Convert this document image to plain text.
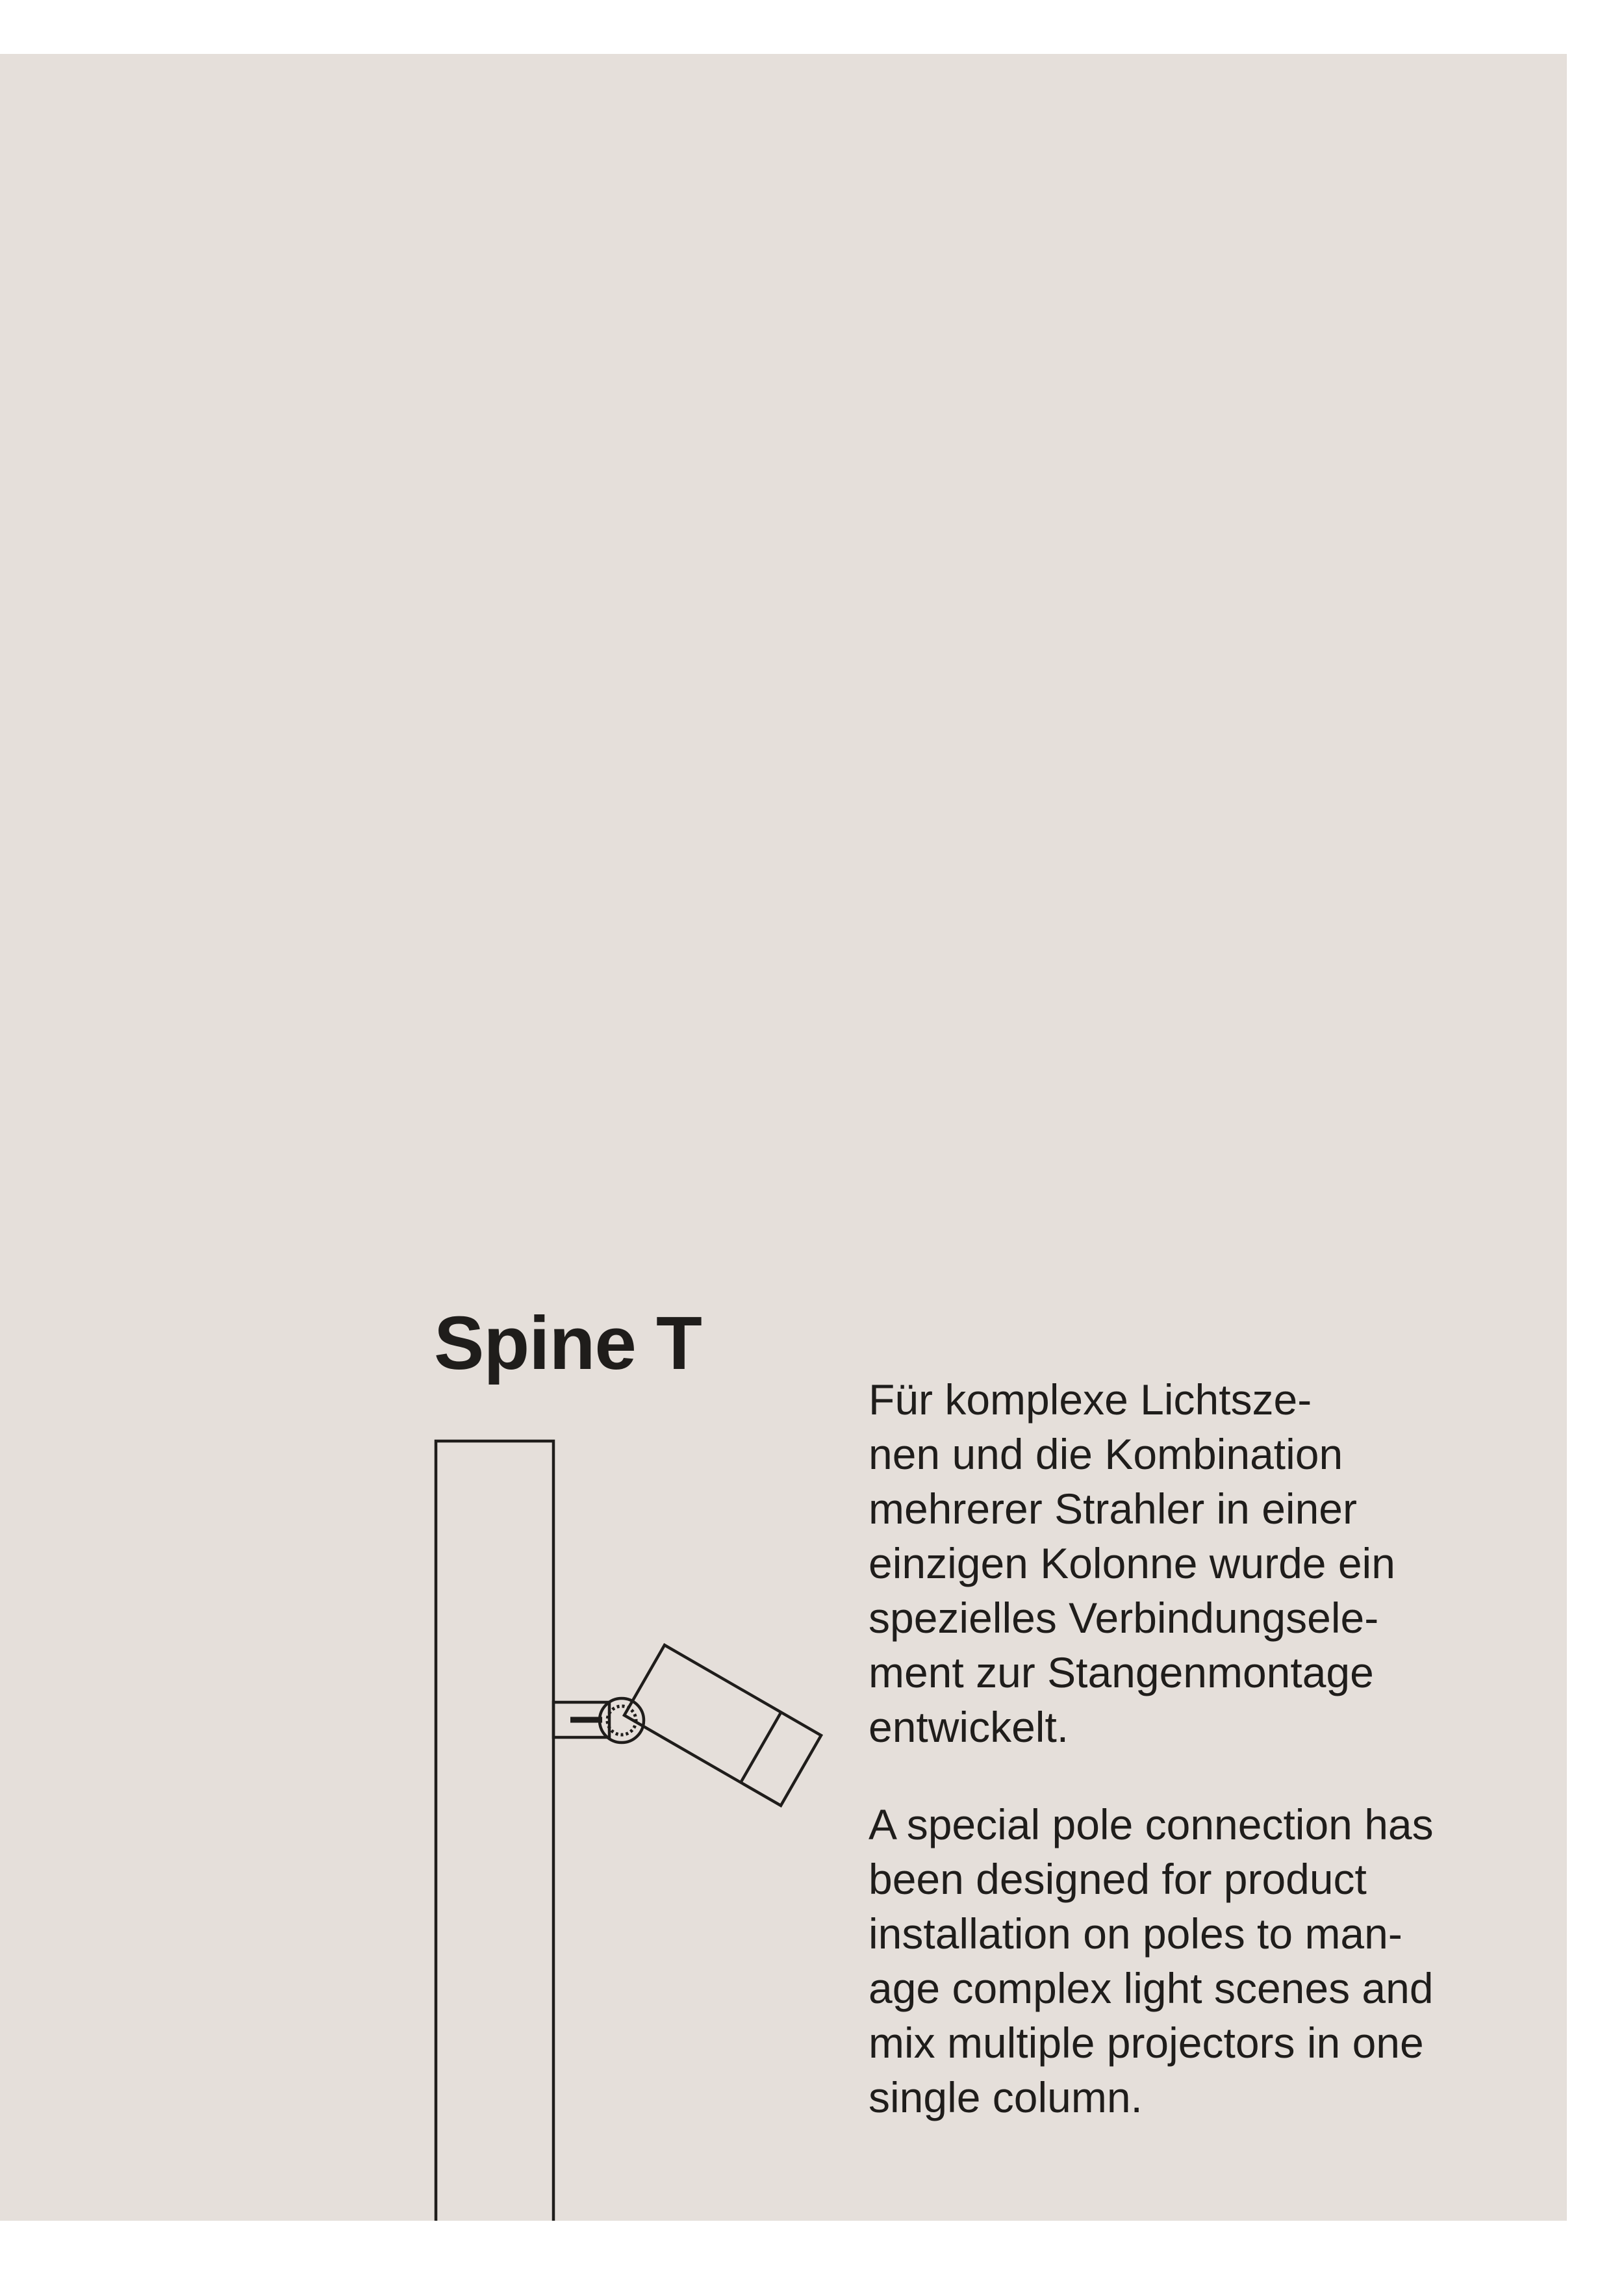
Spine T
Für komplexe Lichtsze-
nen und die Kombination
mehrerer Strahler in einer
einzigen Kolonne wurde ein
spezielles Verbindungsele-
ment zur Stangenmontage
entwickelt.
A special pole connection has
been designed for product
installation on poles to man-
age complex light scenes and
mix multiple projectors in one
single column.
